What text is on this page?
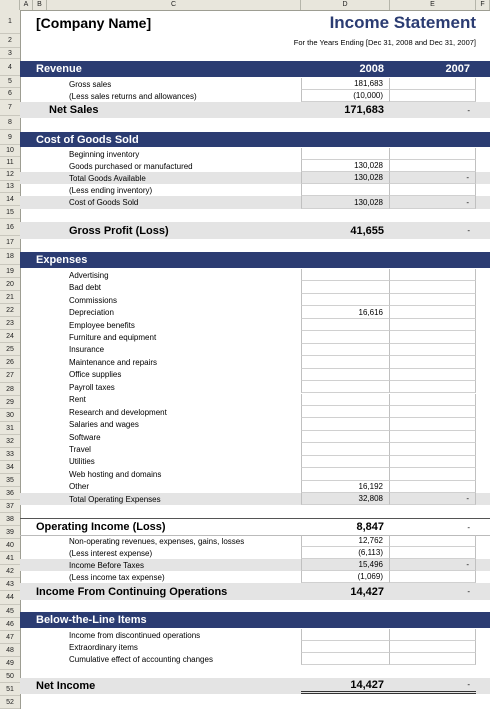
A	B	C	D	E	F
1
2
3
4
5
6
7
8
9
10
11
12
13
14
15
16
17
18
19
20
21
22
23
24
25
26
27
28
29
30
31
32
33
34
35
36
37
38
39
40
41
42
43
44
45
46
47
48
49
50
51
52
[Company Name]	Income Statement
For the Years Ending [Dec 31, 2008 and Dec 31, 2007]
Revenue	2008	2007
Gross sales	181,683
(Less sales returns and allowances)	(10,000)
Net Sales	171,683	-
Cost of Goods Sold
Beginning inventory
Goods purchased or manufactured	130,028
Total Goods Available	130,028	-
(Less ending inventory)
Cost of Goods Sold	130,028	-
Gross Profit (Loss)	41,655	-
Expenses
Advertising
Bad debt
Commissions
Depreciation	16,616
Employee benefits
Furniture and equipment
Insurance
Maintenance and repairs
Office supplies
Payroll taxes
Rent
Research and development
Salaries and wages
Software
Travel
Utilities
Web hosting and domains
Other	16,192
Total Operating Expenses	32,808	-
Operating Income (Loss)	8,847	-
Non-operating revenues, expenses, gains, losses	12,762
(Less interest expense)	(6,113)
Income Before Taxes	15,496	-
(Less income tax expense)	(1,069)
Income From Continuing Operations	14,427	-
Below-the-Line Items
Income from discontinued operations
Extraordinary items
Cumulative effect of accounting changes
Net Income	14,427	-
